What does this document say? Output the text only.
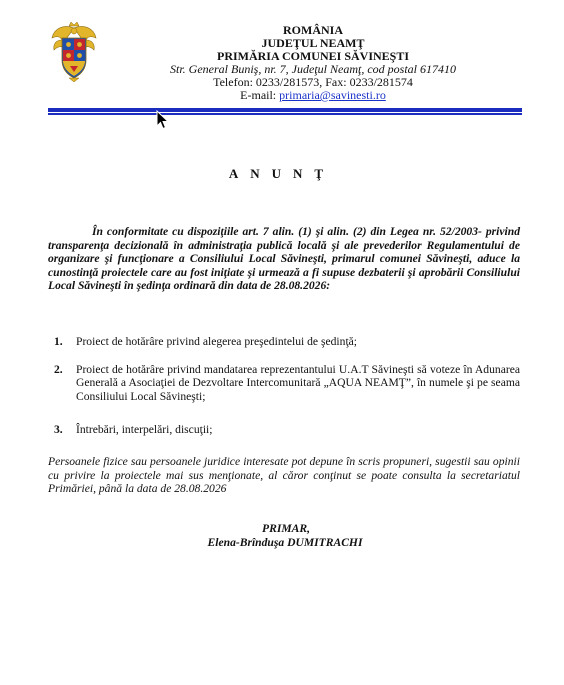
ROMÂNIA
JUDEŢUL NEAMŢ
PRIMĂRIA COMUNEI SĂVINEŞTI
Str. General Buniş, nr. 7, Judeţul Neamţ, cod postal 617410
Telefon: 0233/281573, Fax: 0233/281574
E-mail: primaria@savinesti.ro
ANUNŢ
În conformitate cu dispoziţiile art. 7 alin. (1) şi alin. (2) din Legea nr. 52/2003- privind transparenţa decizională în administraţia publică locală şi ale prevederilor Regulamentului de organizare şi funcţionare a Consiliului Local Săvineşti, primarul comunei Săvineşti, aduce la cunostinţă proiectele care au fost iniţiate şi urmează a fi supuse dezbaterii şi aprobării Consiliului Local Săvineşti în şedinţa ordinară din data de 28.08.2026:
1.	Proiect de hotărâre privind alegerea preşedintelui de şedinţă;
2.	Proiect de hotărâre privind mandatarea reprezentantului U.A.T Săvineşti să voteze în Adunarea Generală a Asociaţiei de Dezvoltare Intercomunitară „AQUA NEAMŢ”, în numele şi pe seama Consiliului Local Săvineşti;
3.	Întrebări, interpelări, discuţii;
Persoanele fizice sau persoanele juridice interesate pot depune în scris propuneri, sugestii sau opinii cu privire la proiectele mai sus menţionate, al căror conţinut se poate consulta la secretariatul Primăriei, până la data de 28.08.2026
PRIMAR,
Elena-Brînduşa DUMITRACHI
